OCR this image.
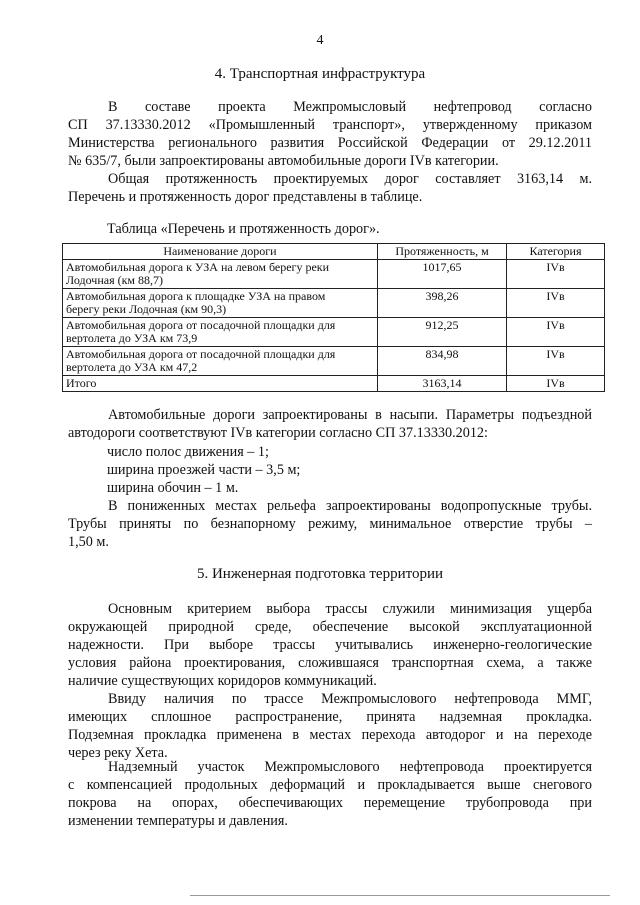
4
4. Транспортная инфраструктура
В составе проекта Межпромысловый нефтепровод согласно
СП 37.13330.2012 «Промышленный транспорт», утвержденному приказом
Министерства регионального развития Российской Федерации от 29.12.2011
№ 635/7, были запроектированы автомобильные дороги IVв категории.
Общая протяженность проектируемых дорог составляет 3163,14 м.
Перечень и протяженность дорог представлены в таблице.
Таблица «Перечень и протяженность дорог».
Наименование дороги	Протяженность, м	Категория
Автомобильная дорога к УЗА на левом берегу реки
Лодочная (км 88,7)	1017,65	IVв
Автомобильная дорога к площадке УЗА на правом
берегу реки Лодочная (км 90,3)	398,26	IVв
Автомобильная дорога от посадочной площадки для
вертолета до УЗА км 73,9	912,25	IVв
Автомобильная дорога от посадочной площадки для
вертолета до УЗА км 47,2	834,98	IVв
Итого	3163,14	IVв
Автомобильные дороги запроектированы в насыпи. Параметры подъездной
автодороги соответствуют IVв категории согласно СП 37.13330.2012:
число полос движения – 1;
ширина проезжей части – 3,5 м;
ширина обочин – 1 м.
В пониженных местах рельефа запроектированы водопропускные трубы.
Трубы приняты по безнапорному режиму, минимальное отверстие трубы –
1,50 м.
5. Инженерная подготовка территории
Основным критерием выбора трассы служили минимизация ущерба
окружающей природной среде, обеспечение высокой эксплуатационной
надежности. При выборе трассы учитывались инженерно-геологические
условия района проектирования, сложившаяся транспортная схема, а также
наличие существующих коридоров коммуникаций.
Ввиду наличия по трассе Межпромыслового нефтепровода ММГ,
имеющих сплошное распространение, принята надземная прокладка.
Подземная прокладка применена в местах перехода автодорог и на переходе
через реку Хета.
Надземный участок Межпромыслового нефтепровода проектируется
с компенсацией продольных деформаций и прокладывается выше снегового
покрова на опорах, обеспечивающих перемещение трубопровода при
изменении температуры и давления.
